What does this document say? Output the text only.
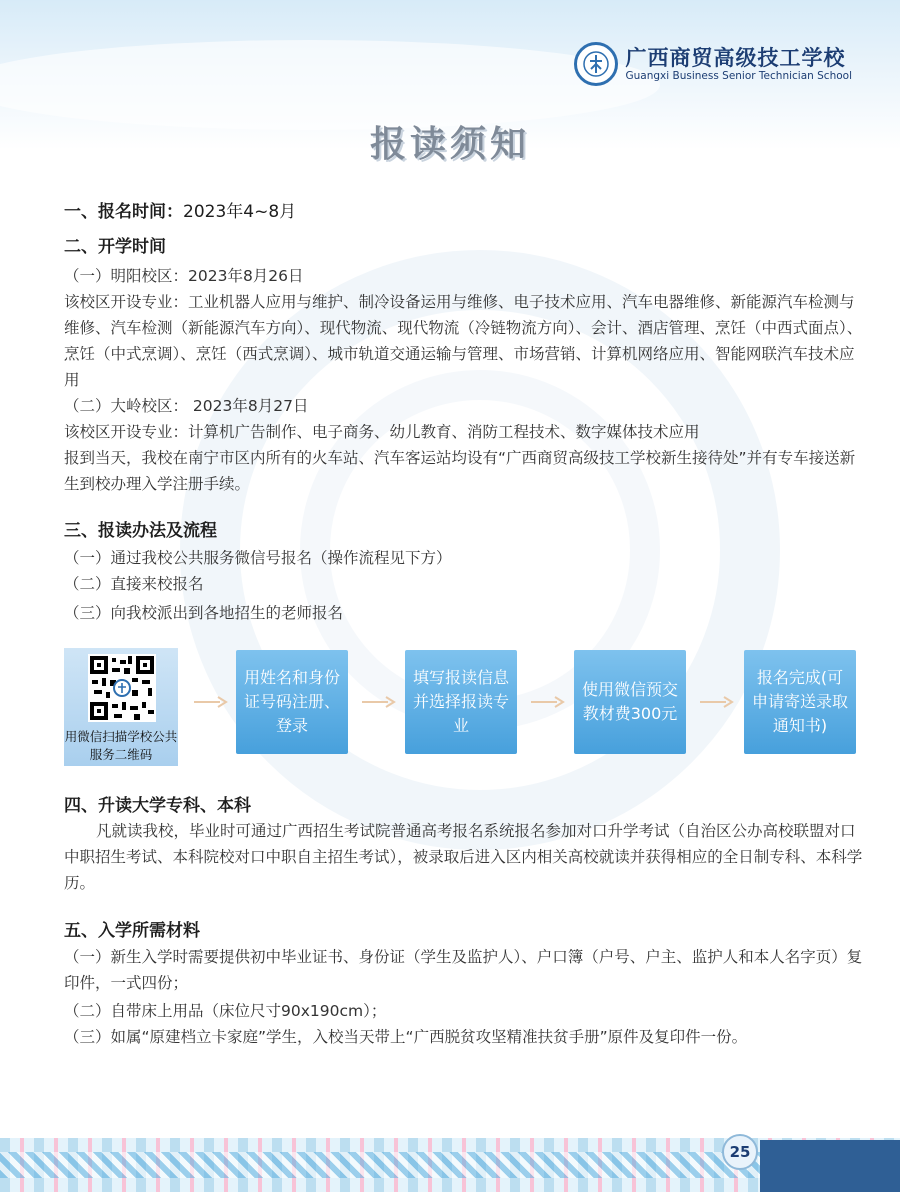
广西商贸高级技工学校
Guangxi Business Senior Technician School
报读须知
一、报名时间：2023年4~8月
二、开学时间
（一）明阳校区：2023年8月26日
该校区开设专业：工业机器人应用与维护、制冷设备运用与维修、电子技术应用、汽车电器维修、新能源汽车检测与维修、汽车检测（新能源汽车方向）、现代物流、现代物流（冷链物流方向）、会计、酒店管理、烹饪（中西式面点）、烹饪（中式烹调）、烹饪（西式烹调）、城市轨道交通运输与管理、市场营销、计算机网络应用、智能网联汽车技术应用
（二）大岭校区： 2023年8月27日
该校区开设专业：计算机广告制作、电子商务、幼儿教育、消防工程技术、数字媒体技术应用
报到当天，我校在南宁市区内所有的火车站、汽车客运站均设有“广西商贸高级技工学校新生接待处”并有专车接送新生到校办理入学注册手续。
三、报读办法及流程
（一）通过我校公共服务微信号报名（操作流程见下方）
（二）直接来校报名
（三）向我校派出到各地招生的老师报名
用微信扫描学校公共服务二维码
用姓名和身份证号码注册、登录
填写报读信息并选择报读专业
使用微信预交教材费300元
报名完成(可申请寄送录取通知书)
四、升读大学专科、本科
凡就读我校，毕业时可通过广西招生考试院普通高考报名系统报名参加对口升学考试（自治区公办高校联盟对口中职招生考试、本科院校对口中职自主招生考试），被录取后进入区内相关高校就读并获得相应的全日制专科、本科学历。
五、入学所需材料
（一）新生入学时需要提供初中毕业证书、身份证（学生及监护人）、户口簿（户号、户主、监护人和本人名字页）复印件，一式四份；
（二）自带床上用品（床位尺寸90x190cm）；
（三）如属“原建档立卡家庭”学生，入校当天带上“广西脱贫攻坚精准扶贫手册”原件及复印件一份。
25
